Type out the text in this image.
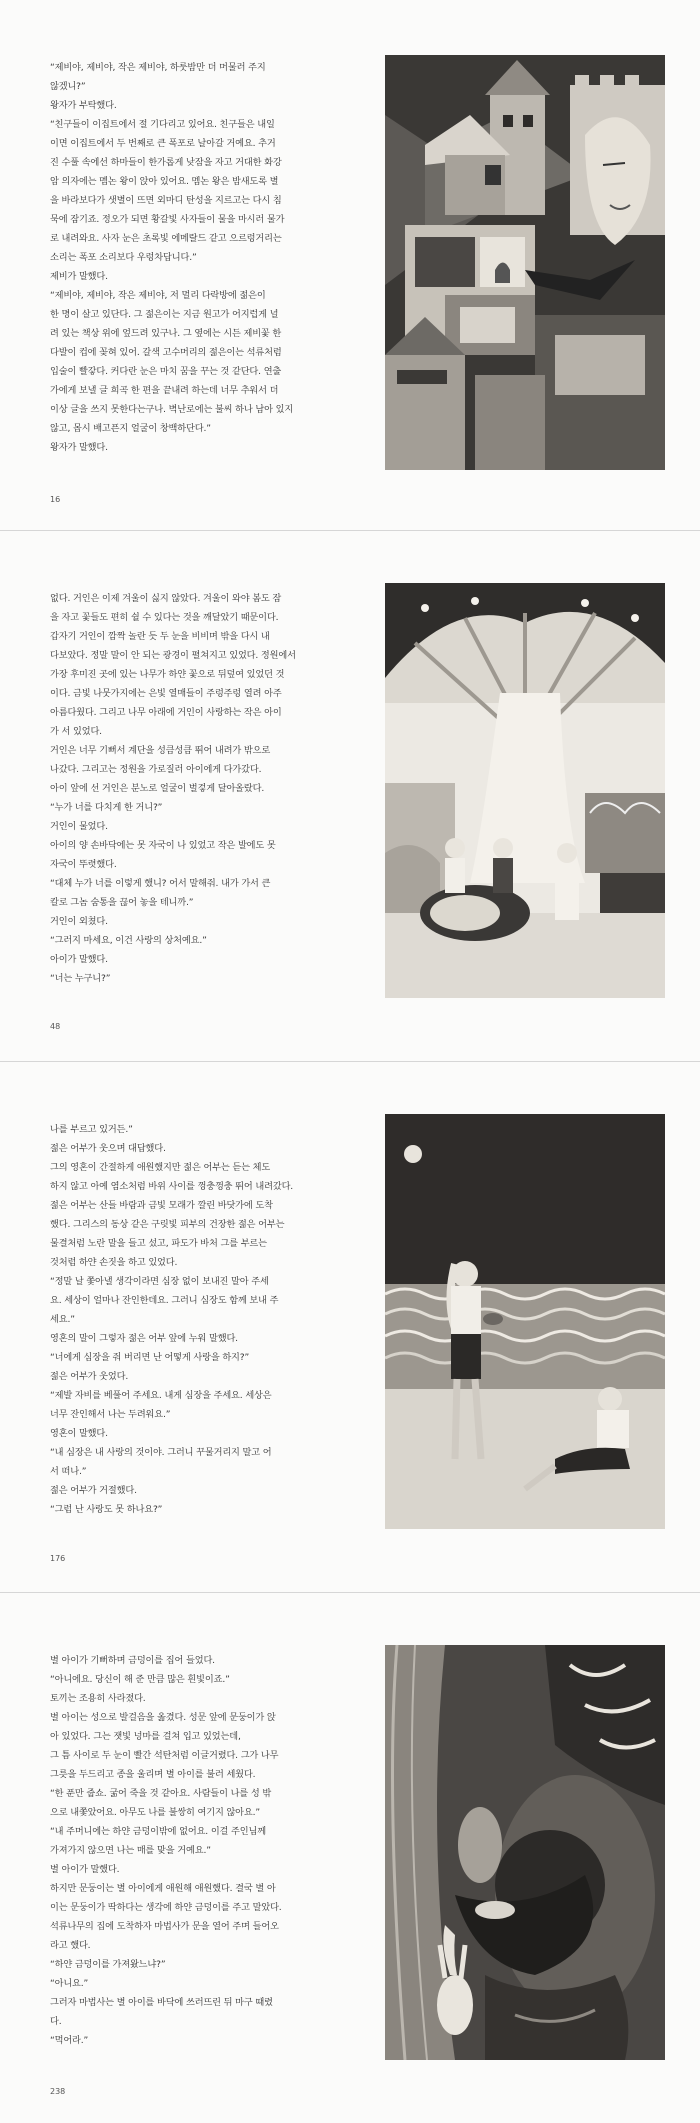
“제비야, 제비야, 작은 제비야, 하룻밤만 더 머물러 주지

않겠니?”

왕자가 부탁했다.

“친구들이 이집트에서 절 기다리고 있어요. 친구들은 내일

이면 이집트에서 두 번째로 큰 폭포로 날아갈 거예요. 추거

진 수풀 속에선 하마들이 한가롭게 낮잠을 자고 거대한 화강

암 의자에는 멤논 왕이 앉아 있어요. 멤논 왕은 밤새도록 별

을 바라보다가 샛별이 뜨면 외마디 탄성을 지르고는 다시 침

묵에 잠기죠. 정오가 되면 황갈빛 사자들이 물을 마시러 물가

로 내려와요. 사자 눈은 초록빛 에메랄드 같고 으르렁거리는

소리는 폭포 소리보다 우렁차답니다.”

제비가 말했다.

“제비야, 제비야, 작은 제비야, 저 멀리 다락방에 젊은이

한 명이 살고 있단다. 그 젊은이는 지금 원고가 어지럽게 널

려 있는 책상 위에 엎드려 있구나. 그 옆에는 시든 제비꽃 한

다발이 컵에 꽂혀 있어. 갈색 고수머리의 젊은이는 석류처럼

입술이 빨갛다. 커다란 눈은 마치 꿈을 꾸는 것 같단다. 연출

가에게 보낼 글 희곡 한 편을 끝내려 하는데 너무 추워서 더

이상 글을 쓰지 못한다는구나. 벽난로에는 불씨 하나 남아 있지

않고, 몹시 배고픈지 얼굴이 창백하단다.”

왕자가 말했다.

16

없다. 거인은 이제 겨울이 싫지 않았다. 겨울이 와야 봄도 잠

을 자고 꽃들도 편히 쉴 수 있다는 것을 깨달았기 때문이다.

갑자기 거인이 깜짝 놀란 듯 두 눈을 비비며 밖을 다시 내

다보았다. 정말 말이 안 되는 광경이 펼쳐지고 있었다. 정원에서

가장 후미진 곳에 있는 나무가 하얀 꽃으로 뒤덮여 있었던 것

이다. 금빛 나뭇가지에는 은빛 열매들이 주렁주렁 열려 아주

아름다웠다. 그리고 나무 아래에 거인이 사랑하는 작은 아이

가 서 있었다.

거인은 너무 기뻐서 계단을 성큼성큼 뛰어 내려가 밖으로

나갔다. 그리고는 정원을 가로질러 아이에게 다가갔다.

아이 앞에 선 거인은 분노로 얼굴이 벌겋게 달아올랐다.

“누가 너를 다치게 한 거니?”

거인이 물었다.

아이의 양 손바닥에는 못 자국이 나 있었고 작은 발에도 못

자국이 뚜렷했다.

“대체 누가 너를 이렇게 했니? 어서 말해줘. 내가 가서 큰

칼로 그놈 숨통을 끊어 놓을 테니까.”

거인이 외쳤다.

“그러지 마세요, 이건 사랑의 상처예요.”

아이가 말했다.

“너는 누구니?”

48

나를 부르고 있거든.”

젊은 어부가 웃으며 대답했다.

그의 영혼이 간절하게 애원했지만 젊은 어부는 듣는 체도

하지 않고 아예 염소처럼 바위 사이를 껑충껑충 뛰어 내려갔다.

젊은 어부는 산들 바람과 금빛 모래가 깔린 바닷가에 도착

했다. 그리스의 동상 같은 구릿빛 피부의 건장한 젊은 어부는

물결처럼 노란 말을 들고 섰고, 파도가 바처 그를 부르는

것처럼 하얀 손짓을 하고 있었다.

“정말 날 쫓아낼 생각이라면 심장 없이 보내진 말아 주세

요. 세상이 얼마나 잔인한데요. 그러니 심장도 함께 보내 주

세요.”

영혼의 말이 그렇자 젊은 어부 앞에 누워 말했다.

“너에게 심장을 줘 버리면 난 어떻게 사랑을 하지?”

젊은 어부가 웃었다.

“제발 자비를 베풀어 주세요. 내게 심장을 주세요. 세상은

너무 잔인해서 나는 두려워요.”

영혼이 말했다.

“내 심장은 내 사랑의 것이야. 그러니 꾸물거리지 말고 어

서 떠나.”

젊은 어부가 거절했다.

“그럼 난 사랑도 못 하나요?”

176

별 아이가 기뻐하며 금덩이를 집어 들었다.

“아니에요. 당신이 해 준 만큼 많은 흰빛이죠.”

토끼는 조용히 사라졌다.

별 아이는 성으로 발걸음을 옮겼다. 성문 앞에 문둥이가 앉

아 있었다. 그는 잿빛 넝마를 걸쳐 입고 있었는데,

그 틈 사이로 두 눈이 빨간 석탄처럼 이글거렸다. 그가 나무

그릇을 두드리고 종을 울리며 별 아이를 불러 세웠다.

“한 푼만 줍쇼. 굶어 죽을 것 같아요. 사람들이 나를 성 밖

으로 내쫓았어요. 아무도 나를 불쌍히 여기지 않아요.”

“내 주머니에는 하얀 금덩이밖에 없어요. 이걸 주인님께

가져가지 않으면 나는 매를 맞을 거예요.”

별 아이가 말했다.

하지만 문둥이는 별 아이에게 애원해 애원했다. 결국 별 아

이는 문둥이가 딱하다는 생각에 하얀 금덩이를 주고 말았다.

석류나무의 집에 도착하자 마법사가 문을 열어 주며 들어오

라고 했다.

“하얀 금덩이를 가져왔느냐?”

“아니요.”

그러자 마법사는 별 아이를 바닥에 쓰러뜨린 뒤 마구 때렸

다.

“먹어라.”

238
